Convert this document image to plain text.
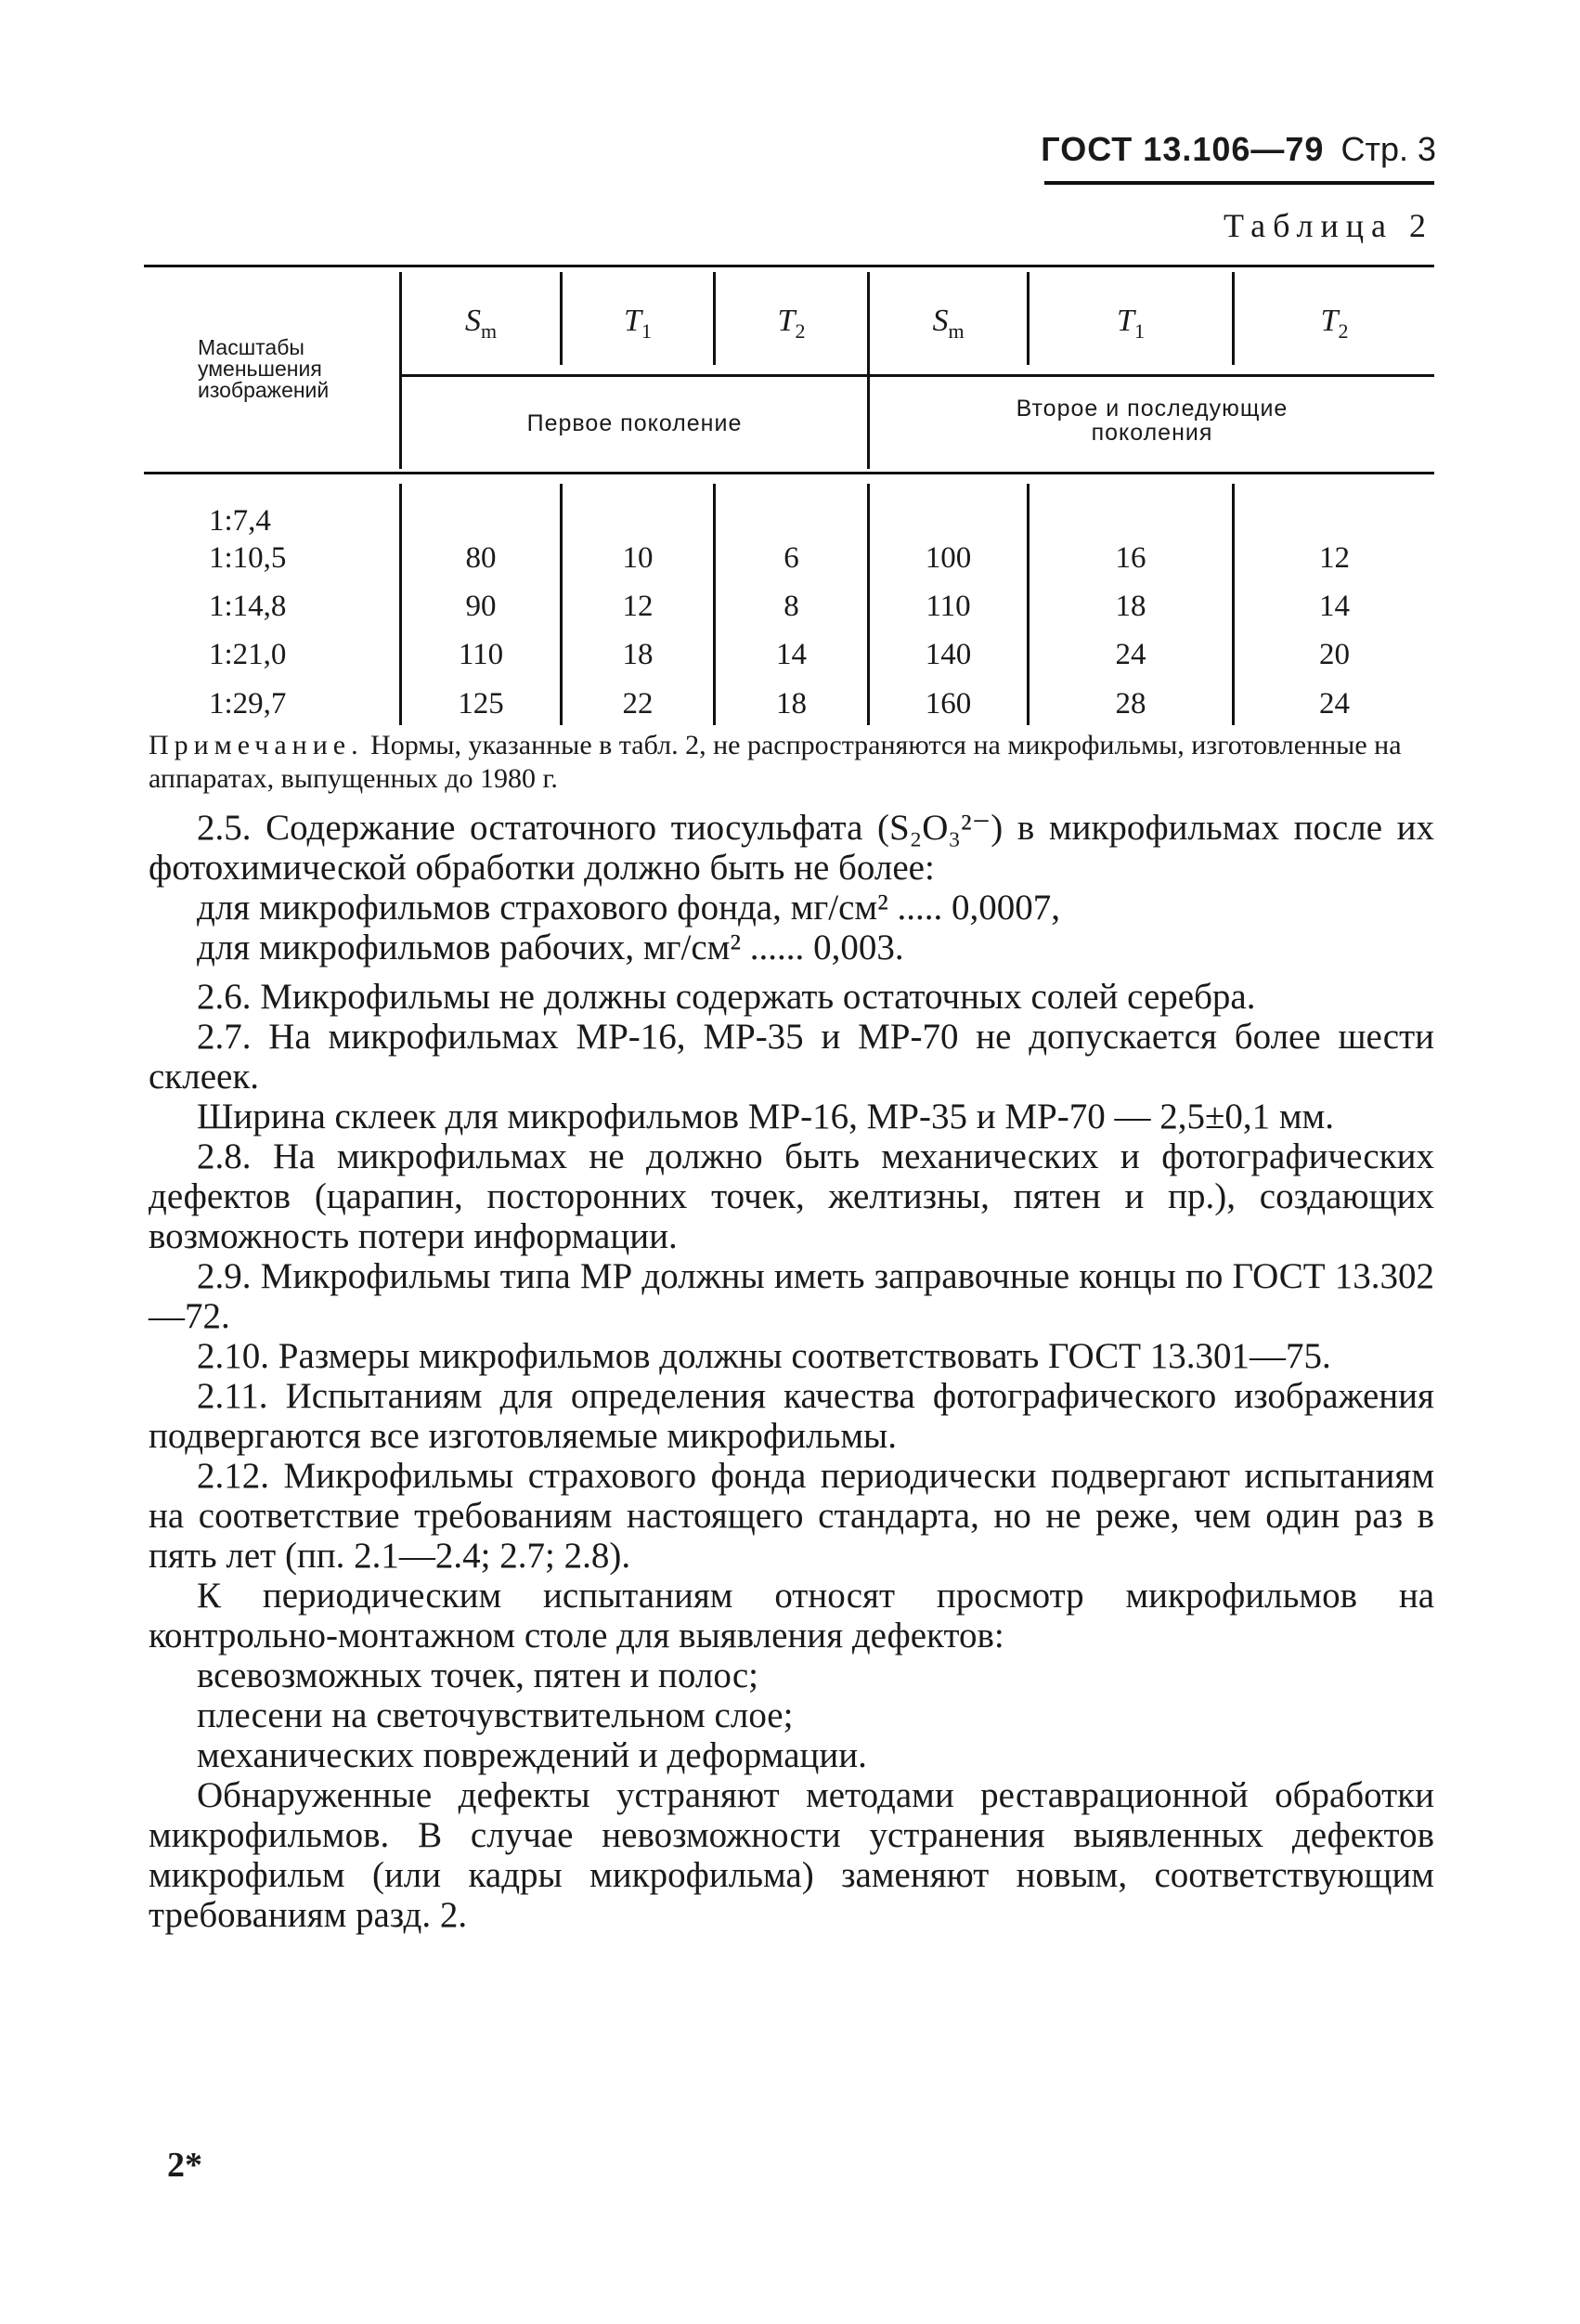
ГОСТ 13.106—79 Стр. 3
Таблица 2
Масштабы
уменьшения
изображений
$S_m$	$T_1$	$T_2$	$S_m$	$T_1$	$T_2$
Первое поколение
Второе и последующие
поколения
1:7,4
1:10,5	80	10	6	100	16	12
1:14,8	90	12	8	110	18	14
1:21,0	110	18	14	140	24	20
1:29,7	125	22	18	160	28	24
Примечание. Нормы, указанные в табл. 2, не распространяются на микрофильмы, изготовленные на аппаратах, выпущенных до 1980 г.

2.5. Содержание остаточного тиосульфата (S₂O₃²⁻) в микрофильмах после их фотохимической обработки должно быть не более:

для микрофильмов страхового фонда, мг/см² ..... 0,0007,

для микрофильмов рабочих, мг/см² ...... 0,003.

2.6. Микрофильмы не должны содержать остаточных солей серебра.

2.7. На микрофильмах МР-16, МР-35 и МР-70 не допускается более шести склеек.

Ширина склеек для микрофильмов МР-16, МР-35 и МР-70 — 2,5±0,1 мм.

2.8. На микрофильмах не должно быть механических и фотографических дефектов (царапин, посторонних точек, желтизны, пятен и пр.), создающих возможность потери информации.

2.9. Микрофильмы типа МР должны иметь заправочные концы по ГОСТ 13.302—72.

2.10. Размеры микрофильмов должны соответствовать ГОСТ 13.301—75.

2.11. Испытаниям для определения качества фотографического изображения подвергаются все изготовляемые микрофильмы.

2.12. Микрофильмы страхового фонда периодически подвергают испытаниям на соответствие требованиям настоящего стандарта, но не реже, чем один раз в пять лет (пп. 2.1—2.4; 2.7; 2.8).

К периодическим испытаниям относят просмотр микрофильмов на контрольно-монтажном столе для выявления дефектов:

всевозможных точек, пятен и полос;

плесени на светочувствительном слое;

механических повреждений и деформации.

Обнаруженные дефекты устраняют методами реставрационной обработки микрофильмов. В случае невозможности устранения выявленных дефектов микрофильм (или кадры микрофильма) заменяют новым, соответствующим требованиям разд. 2.

2*
